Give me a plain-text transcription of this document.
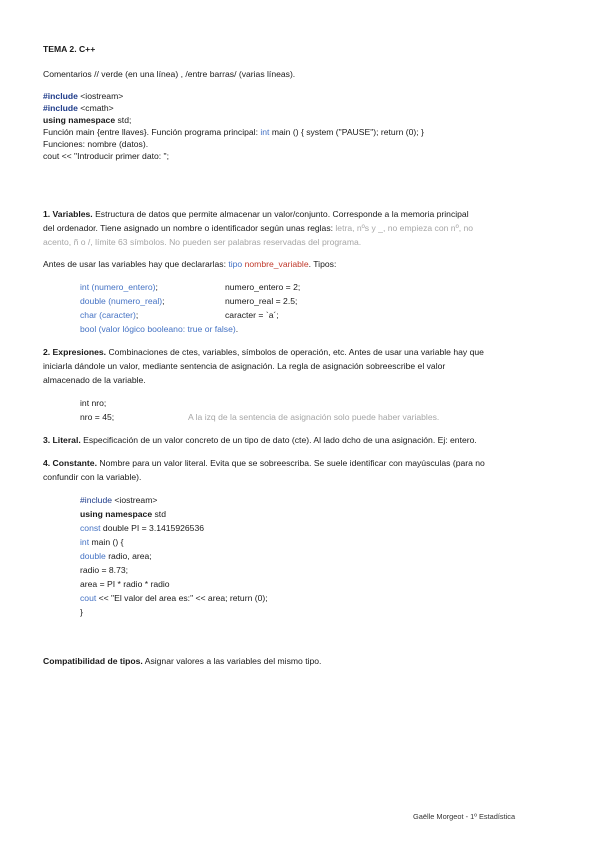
TEMA 2. C++
Comentarios // verde (en una línea) , /entre barras/ (varias líneas).
#include <iostream>
#include <cmath>
using namespace std;
Función main {entre llaves}. Función programa principal: int main () { system ("PAUSE"); return (0); }
Funciones: nombre (datos).
cout << "Introducir primer dato: ";
1. Variables. Estructura de datos que permite almacenar un valor/conjunto. Corresponde a la memoria principal
del ordenador. Tiene asignado un nombre o identificador según unas reglas: letra, nºs y _, no empieza con nº, no
acento, ñ o /, límite 63 símbolos. No pueden ser palabras reservadas del programa.
Antes de usar las variables hay que declararlas: tipo nombre_variable. Tipos:
int (numero_entero);	numero_entero = 2;
double (numero_real);	numero_real = 2.5;
char (caracter);	caracter = `a´;
bool (valor lógico booleano: true or false).
2. Expresiones. Combinaciones de ctes, variables, símbolos de operación, etc. Antes de usar una variable hay que
iniciarla dándole un valor, mediante sentencia de asignación. La regla de asignación sobreescribe el valor
almacenado de la variable.
int nro;
nro = 45;	A la izq de la sentencia de asignación solo puede haber variables.
3. Literal. Especificación de un valor concreto de un tipo de dato (cte). Al lado dcho de una asignación. Ej: entero.
4. Constante. Nombre para un valor literal. Evita que se sobreescriba. Se suele identificar con mayúsculas (para no
confundir con la variable).
#include <iostream>
using namespace std
const double PI = 3.1415926536
int main () {
double radio, area;
radio = 8.73;
area = PI * radio * radio
cout << "El valor del area es:" << area; return (0);
}
Compatibilidad de tipos. Asignar valores a las variables del mismo tipo.
Gaëlle Morgeot - 1º Estadística
